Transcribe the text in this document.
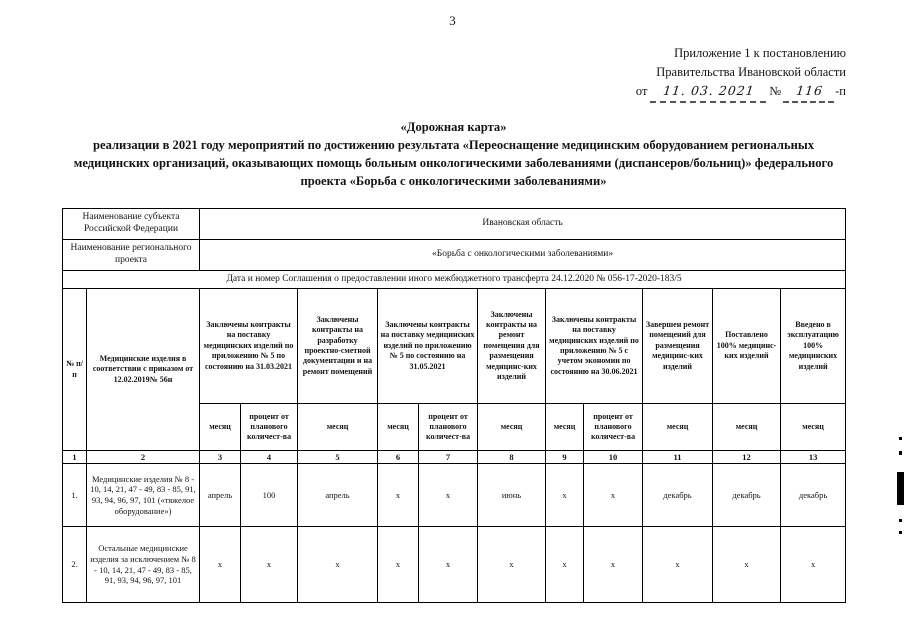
3
Приложение 1 к постановлению
Правительства Ивановской области
от 11. 03. 2021 № 116 -п
«Дорожная карта»
реализации в 2021 году мероприятий по достижению результата «Переоснащение медицинским оборудованием региональных медицинских организаций, оказывающих помощь больным онкологическими заболеваниями (диспансеров/больниц)» федерального проекта «Борьба с онкологическими заболеваниями»
Наименование субъекта Российской Федерации		Ивановская область										
Наименование регионального проекта		«Борьба с онкологическими заболеваниями»										
Дата и номер Соглашения о предоставлении иного межбюджетного трансферта 24.12.2020 № 056-17-2020-183/5												
№ п/п	Медицинские изделия в соответствии с приказом от 12.02.2019№ 56н	Заключены контракты на поставку медицинских изделий по приложению № 5 по состоянию на 31.03.2021		Заключены контракты на разработку проектно-сметной документации и на ремонт помещений	Заключены контракты на поставку медицинских изделий по приложению № 5 по состоянию на 31.05.2021		Заключены контракты на ремонт помещения для размещения медицинс-ких изделий	Заключены контракты на поставку медицинских изделий по приложению № 5 с учетом экономии по состоянию на 30.06.2021		Завершен ремонт помещений для размещения медицинс-ких изделий	Поставлено 100% медицинс-ких изделий	Введено в эксплуатацию 100% медицинских изделий
		месяц	процент от планового количест-ва	месяц	месяц	процент от планового количест-ва	месяц	месяц	процент от планового количест-ва	месяц	месяц	месяц
1	2	3	4	5	6	7	8	9	10	11	12	13
1.	Медицинские изделия № 8 - 10, 14, 21, 47 - 49, 83 - 85, 91, 93, 94, 96, 97, 101 («тяжелое оборудование»)	апрель	100	апрель	x	x	июнь	x	x	декабрь	декабрь	декабрь
2.	Остальные медицинские изделия за исключением № 8 - 10, 14, 21, 47 - 49, 83 - 85, 91, 93, 94, 96, 97, 101	x	x	x	x	x	x	x	x	x	x	x
